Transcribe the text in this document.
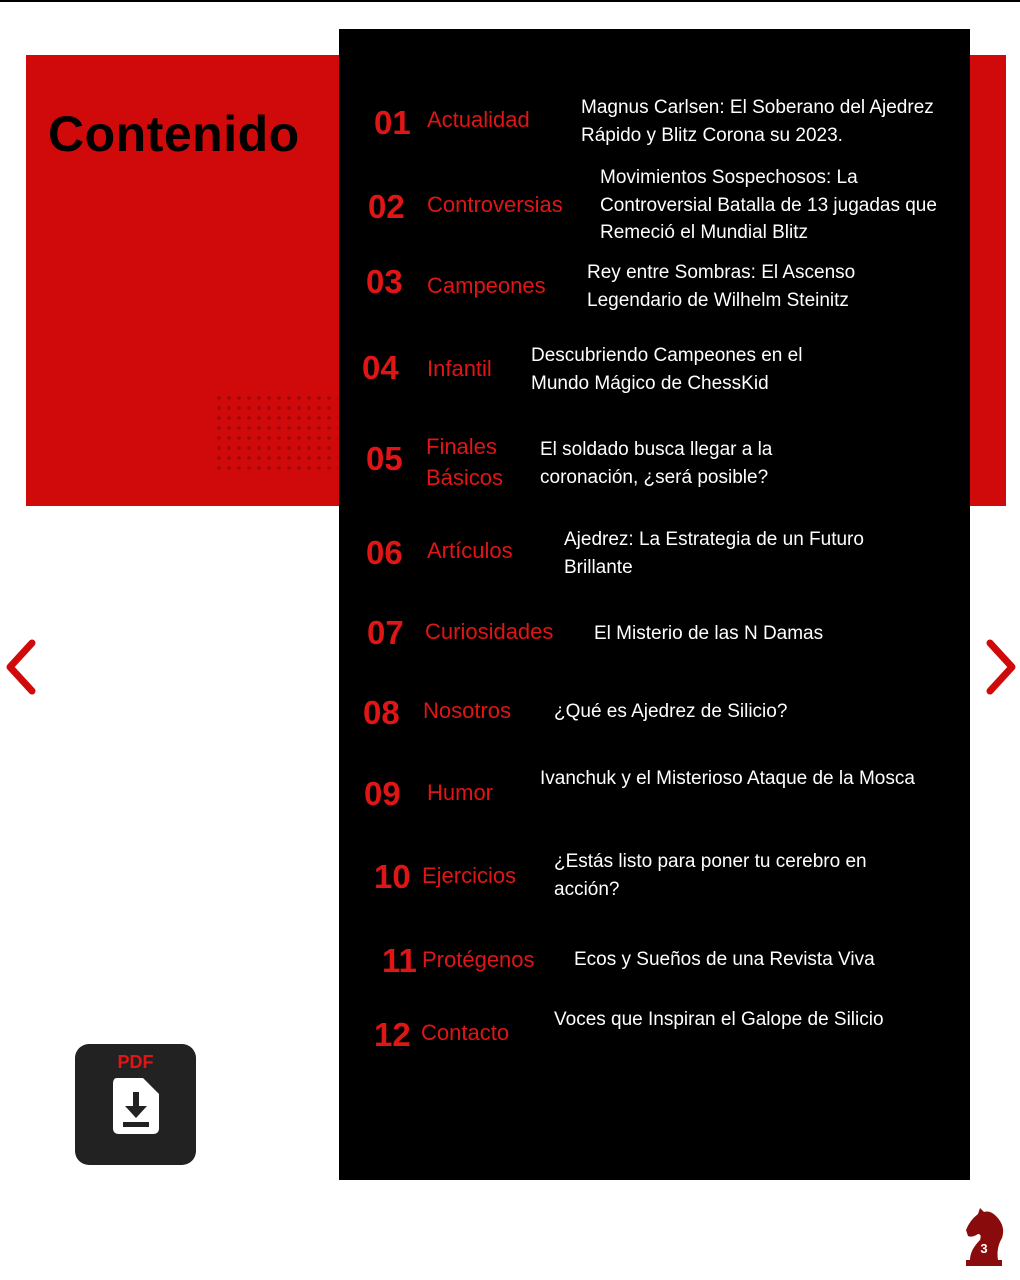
Contenido 01 Actualidad	Magnus Carlsen: El Soberano del Ajedrez Rápido y Blitz Corona su 2023.
02 Controversias
Movimientos Sospechosos: La Controversial Batalla de 13 jugadas que Remeció el Mundial Blitz
03 Campeones
Rey entre Sombras: El Ascenso Legendario de Wilhelm Steinitz
04 Infantil
Descubriendo Campeones en el Mundo Mágico de ChessKid
05 Finales Básicos
El soldado busca llegar a la coronación, ¿será posible?
06 Artículos	Ajedrez: La Estrategia de un Futuro Brillante
07 Curiosidades El Misterio de las N Damas
08 Nosotros ¿Qué es Ajedrez de Silicio?
09 Humor
Ivanchuk y el Misterioso Ataque de la Mosca
10 Ejercicios
¿Estás listo para poner tu cerebro en acción?
11 Protégenos Ecos y Sueños de una Revista Viva
12 Contacto
Voces que Inspiran el Galope de Silicio
PDF
3
